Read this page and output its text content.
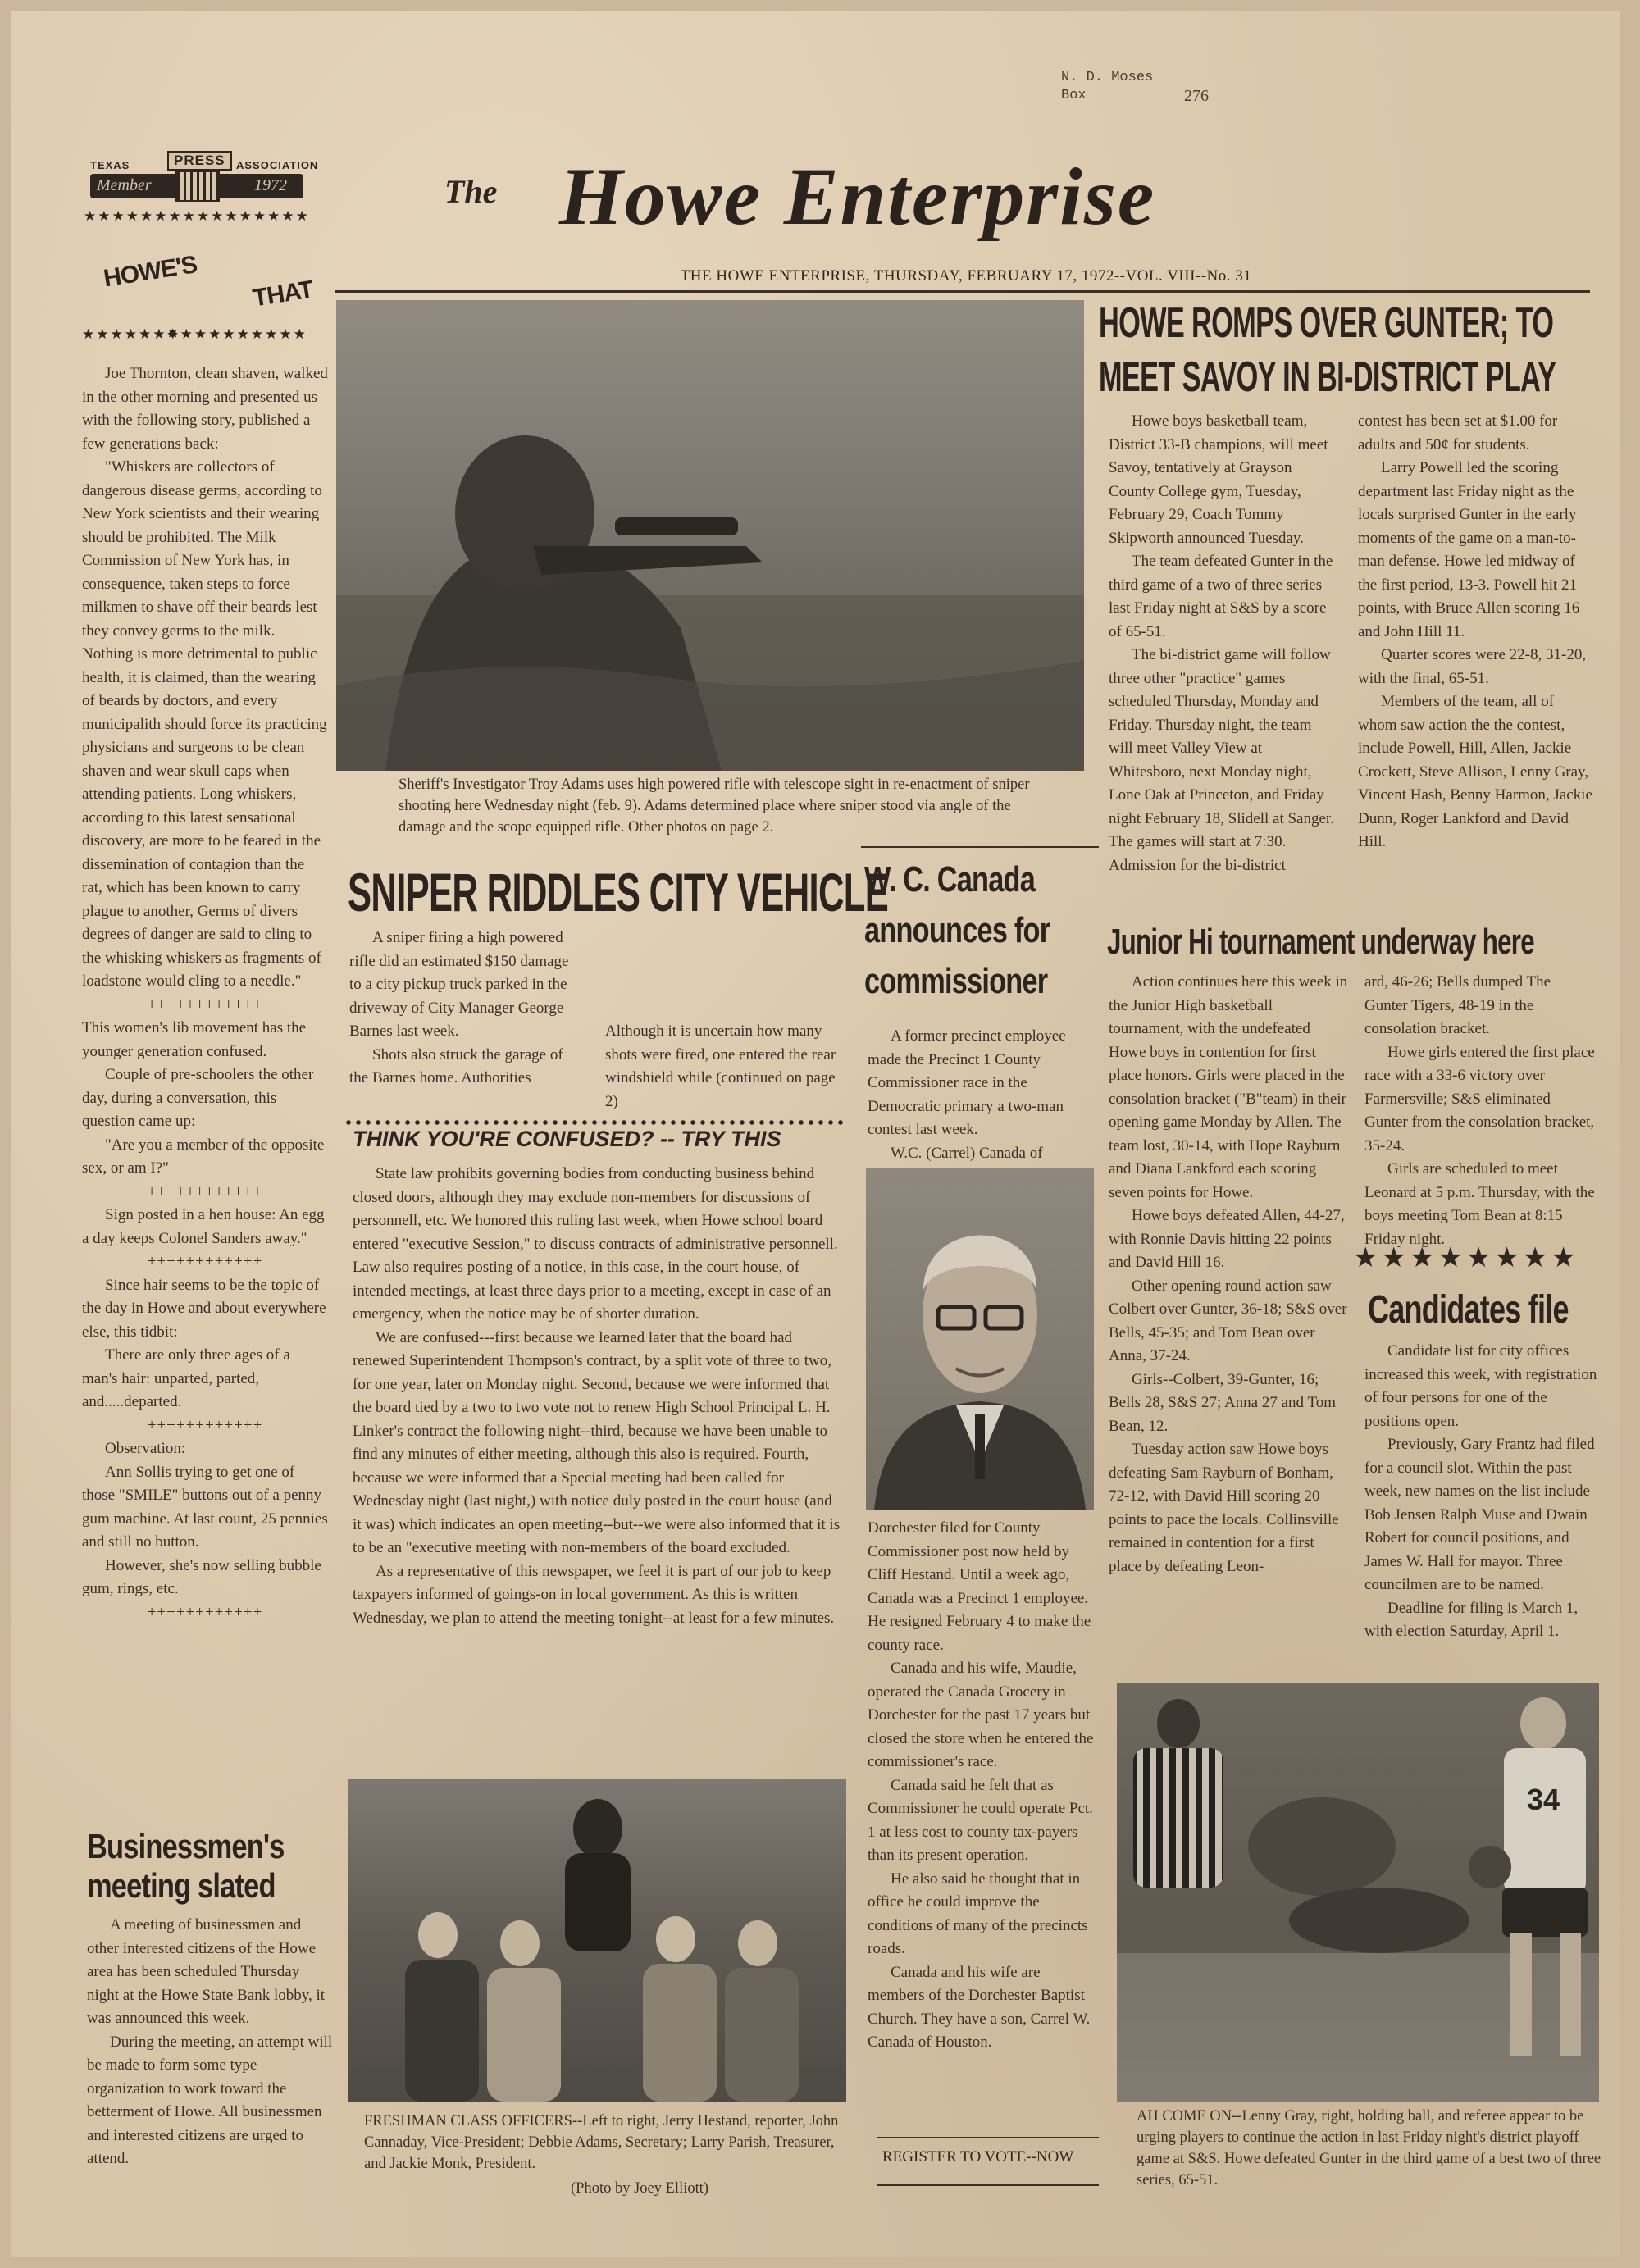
N. D. Moses
Box	276
TEXAS	PRESS	ASSOCIATION
Member	1972
★★★★★★★★★★★★★★★★
The Howe Enterprise
THE HOWE ENTERPRISE, THURSDAY, FEBRUARY 17, 1972--VOL. VIII--No. 31
HOWE'S
THAT
★★★★★★✸★★★★★★★★★

Joe Thornton, clean shaven, walked in the other morning and presented us with the following story, published a few generations back:

"Whiskers are collectors of dangerous disease germs, according to New York scientists and their wearing should be prohibited. The Milk Commission of New York has, in consequence, taken steps to force milkmen to shave off their beards lest they convey germs to the milk. Nothing is more detrimental to public health, it is claimed, than the wearing of beards by doctors, and every municipalith should force its practicing physicians and surgeons to be clean shaven and wear skull caps when attending patients. Long whiskers, according to this latest sensational discovery, are more to be feared in the dissemination of contagion than the rat, which has been known to carry plague to another, Germs of divers degrees of danger are said to cling to the whisking whiskers as fragments of loadstone would cling to a needle."

++++++++++++

This women's lib movement has the younger generation confused.

Couple of pre-schoolers the other day, during a conversation, this question came up:

"Are you a member of the opposite sex, or am I?"

++++++++++++

Sign posted in a hen house: An egg a day keeps Colonel Sanders away."

++++++++++++

Since hair seems to be the topic of the day in Howe and about everywhere else, this tidbit:

There are only three ages of a man's hair: unparted, parted, and.....departed.

++++++++++++

Observation:

Ann Sollis trying to get one of those "SMILE" buttons out of a penny gum machine. At last count, 25 pennies and still no button.

However, she's now selling bubble gum, rings, etc.

++++++++++++
Businessmen's
meeting slated

A meeting of businessmen and other interested citizens of the Howe area has been scheduled Thursday night at the Howe State Bank lobby, it was announced this week.

During the meeting, an attempt will be made to form some type organization to work toward the betterment of Howe. All businessmen and interested citizens are urged to attend.

Sheriff's Investigator Troy Adams uses high powered rifle with telescope sight in re-enactment of sniper shooting here Wednesday night (feb. 9). Adams determined place where sniper stood via angle of the damage and the scope equipped rifle. Other photos on page 2.
SNIPER RIDDLES CITY VEHICLE

A sniper firing a high powered rifle did an estimated $150 damage to a city pickup truck parked in the driveway of City Manager George Barnes last week.

Shots also struck the garage of the Barnes home. Authorities

Although it is uncertain how many shots were fired, one entered the rear windshield while (continued on page 2)

THINK YOU'RE CONFUSED? -- TRY THIS

State law prohibits governing bodies from conducting business behind closed doors, although they may exclude non-members for discussions of personnell, etc. We honored this ruling last week, when Howe school board entered "executive Session," to discuss contracts of administrative personnell. Law also requires posting of a notice, in this case, in the court house, of intended meetings, at least three days prior to a meeting, except in case of an emergency, when the notice may be of shorter duration.

We are confused---first because we learned later that the board had renewed Superintendent Thompson's contract, by a split vote of three to two, for one year, later on Monday night. Second, because we were informed that the board tied by a two to two vote not to renew High School Principal L. H. Linker's contract the following night--third, because we have been unable to find any minutes of either meeting, although this also is required. Fourth, because we were informed that a Special meeting had been called for Wednesday night (last night,) with notice duly posted in the court house (and it was) which indicates an open meeting--but--we were also informed that it is to be an "executive meeting with non-members of the board excluded.

As a representative of this newspaper, we feel it is part of our job to keep taxpayers informed of goings-on in local government. As this is written Wednesday, we plan to attend the meeting tonight--at least for a few minutes.

FRESHMAN CLASS OFFICERS--Left to right, Jerry Hestand, reporter, John Cannaday, Vice-President; Debbie Adams, Secretary; Larry Parish, Treasurer, and Jackie Monk, President.
(Photo by Joey Elliott)
W. C. Canada
announces for
commissioner

A former precinct employee made the Precinct 1 County Commissioner race in the Democratic primary a two-man contest last week.

W.C. (Carrel) Canada of

Dorchester filed for County Commissioner post now held by Cliff Hestand. Until a week ago, Canada was a Precinct 1 employee. He resigned February 4 to make the county race.

Canada and his wife, Maudie, operated the Canada Grocery in Dorchester for the past 17 years but closed the store when he entered the commissioner's race.

Canada said he felt that as Commissioner he could operate Pct. 1 at less cost to county tax-payers than its present operation.

He also said he thought that in office he could improve the conditions of many of the precincts roads.

Canada and his wife are members of the Dorchester Baptist Church. They have a son, Carrel W. Canada of Houston.

REGISTER TO VOTE--NOW
HOWE ROMPS OVER GUNTER; TO
MEET SAVOY IN BI-DISTRICT PLAY

Howe boys basketball team, District 33-B champions, will meet Savoy, tentatively at Grayson County College gym, Tuesday, February 29, Coach Tommy Skipworth announced Tuesday.

The team defeated Gunter in the third game of a two of three series last Friday night at S&S by a score of 65-51.

The bi-district game will follow three other "practice" games scheduled Thursday, Monday and Friday. Thursday night, the team will meet Valley View at Whitesboro, next Monday night, Lone Oak at Princeton, and Friday night February 18, Slidell at Sanger. The games will start at 7:30. Admission for the bi-district

contest has been set at $1.00 for adults and 50¢ for students.

Larry Powell led the scoring department last Friday night as the locals surprised Gunter in the early moments of the game on a man-to-man defense. Howe led midway of the first period, 13-3. Powell hit 21 points, with Bruce Allen scoring 16 and John Hill 11.

Quarter scores were 22-8, 31-20, with the final, 65-51.

Members of the team, all of whom saw action the the contest, include Powell, Hill, Allen, Jackie Crockett, Steve Allison, Lenny Gray, Vincent Hash, Benny Harmon, Jackie Dunn, Roger Lankford and David Hill.

Junior Hi tournament underway here

Action continues here this week in the Junior High basketball tournament, with the undefeated Howe boys in contention for first place honors. Girls were placed in the consolation bracket ("B"team) in their opening game Monday by Allen. The team lost, 30-14, with Hope Rayburn and Diana Lankford each scoring seven points for Howe.

Howe boys defeated Allen, 44-27, with Ronnie Davis hitting 22 points and David Hill 16.

Other opening round action saw Colbert over Gunter, 36-18; S&S over Bells, 45-35; and Tom Bean over Anna, 37-24.

Girls--Colbert, 39-Gunter, 16; Bells 28, S&S 27; Anna 27 and Tom Bean, 12.

Tuesday action saw Howe boys defeating Sam Rayburn of Bonham, 72-12, with David Hill scoring 20 points to pace the locals. Collinsville remained in contention for a first place by defeating Leon-

ard, 46-26; Bells dumped The Gunter Tigers, 48-19 in the consolation bracket.

Howe girls entered the first place race with a 33-6 victory over Farmersville; S&S eliminated Gunter from the consolation bracket, 35-24.

Girls are scheduled to meet Leonard at 5 p.m. Thursday, with the boys meeting Tom Bean at 8:15 Friday night.

★★★★★★★★
Candidates file

Candidate list for city offices increased this week, with registration of four persons for one of the positions open.

Previously, Gary Frantz had filed for a council slot. Within the past week, new names on the list include Bob Jensen Ralph Muse and Dwain Robert for council positions, and James W. Hall for mayor. Three councilmen are to be named.

Deadline for filing is March 1, with election Saturday, April 1.

34
AH COME ON--Lenny Gray, right, holding ball, and referee appear to be urging players to continue the action in last Friday night's district playoff game at S&S. Howe defeated Gunter in the third game of a best two of three series, 65-51.
